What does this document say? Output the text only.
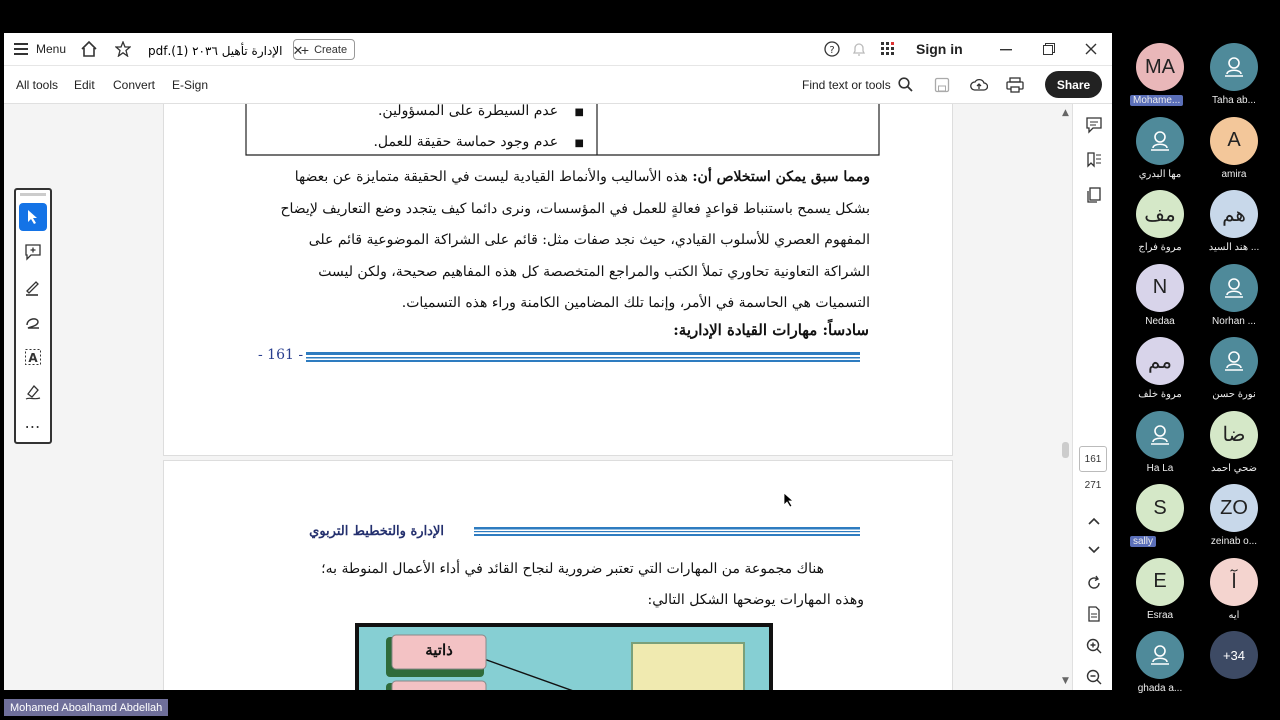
Menu	الإدارة تأهيل ٢٠٣٦ (1).pdf ✕
+ Create	?	Sign in
All tools Edit Convert E-Sign	Find text or tools	Share
■ عدم السيطرة على المسؤولين.
■ عدم وجود حماسة حقيقة للعمل.
ومما سبق يمكن استخلاص أن: هذه الأساليب والأنماط القيادية ليست في الحقيقة متمايزة عن بعضها
بشكل يسمح باستنباط قواعدٍ فعالةٍ للعمل في المؤسسات، ونرى دائما كيف يتجدد وضع التعاريف لإيضاح
المفهوم العصري للأسلوب القيادي، حيث نجد صفات مثل: قائم على الشراكة الموضوعية قائم على
الشراكة التعاونية تحاوري تملأ الكتب والمراجع المتخصصة كل هذه المفاهيم صحيحة، ولكن ليست
التسميات هي الحاسمة في الأمر، وإنما تلك المضامين الكامنة وراء هذه التسميات.
سادساً: مهارات القيادة الإدارية:
- 161 -
الإدارة والتخطيط التربوي
هناك مجموعة من المهارات التي تعتبر ضرورية لنجاح القائد في أداء الأعمال المنوطة به؛
وهذه المهارات يوضحها الشكل التالي:
ذاتية
A
⋯
▲
▼
161
271
MA
Mohame...	Taha ab...
مها البدري
A
amira
مف
مروة فراج
هم
هند السيد ...
N
Nedaa	Norhan ...
مم
مروة خلف	نورة حسن
Ha La
ضا
ضحي احمد
S
sally
ZO
zeinab o...
E
Esraa
آ
آيه
ghada a...
+34
Mohamed Aboalhamd Abdellah
